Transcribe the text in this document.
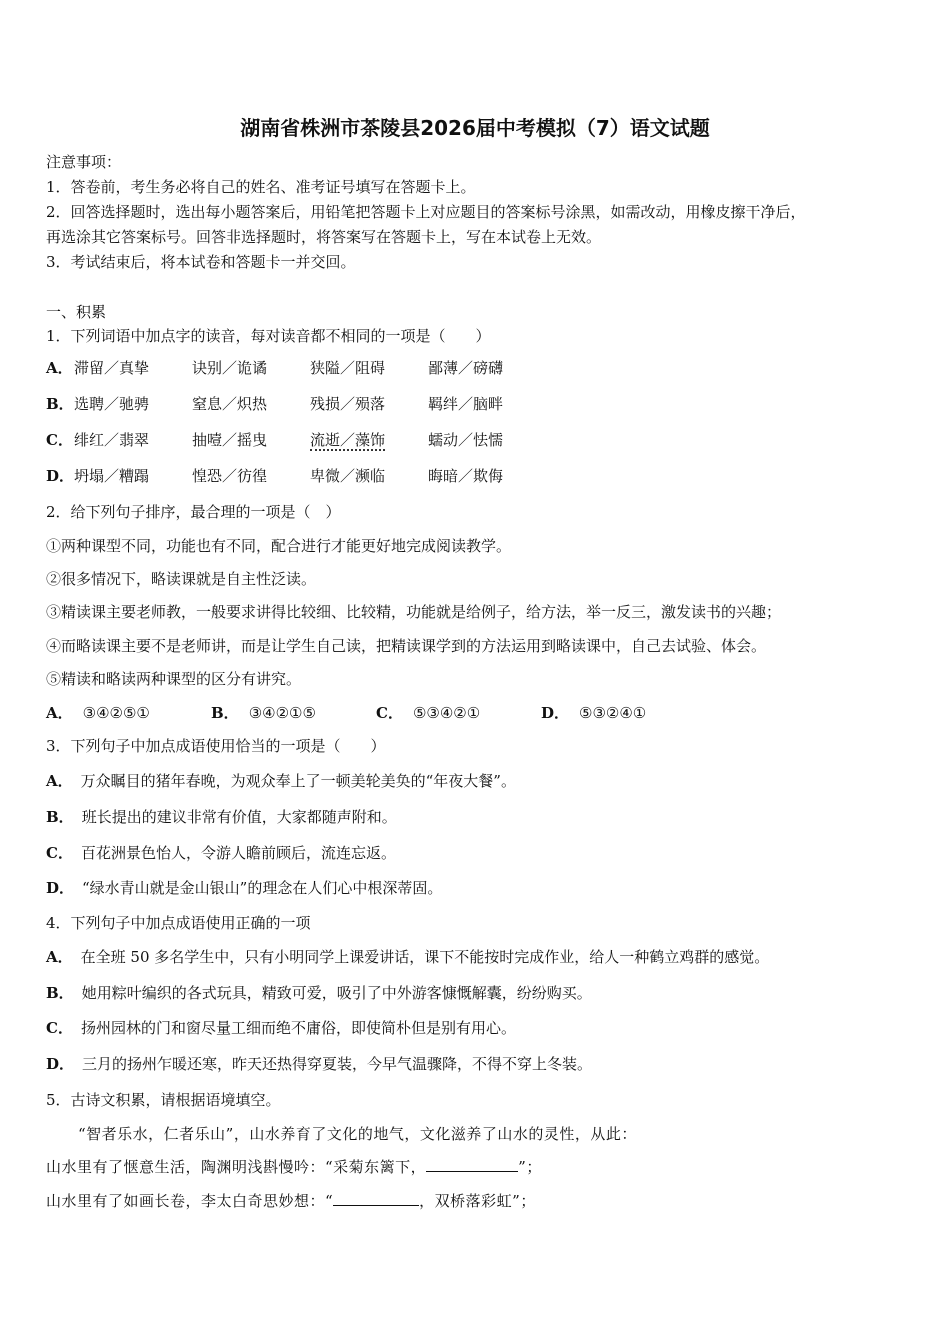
湖南省株洲市茶陵县2026届中考模拟（7）语文试题
注意事项：
1．答卷前，考生务必将自己的姓名、准考证号填写在答题卡上。
2．回答选择题时，选出每小题答案后，用铅笔把答题卡上对应题目的答案标号涂黑，如需改动，用橡皮擦干净后，
再选涂其它答案标号。回答非选择题时，将答案写在答题卡上，写在本试卷上无效。
3．考试结束后，将本试卷和答题卡一并交回。
一、积累
1．下列词语中加点字的读音，每对读音都不相同的一项是（　　）
A．滞留／真挚	诀别／诡谲	狭隘／阻碍	鄙薄／磅礴
B．选聘／驰骋	窒息／炽热	残损／殒落	羁绊／脑畔
C．绯红／翡翠	抽噎／摇曳	流逝／藻饰	蠕动／怯懦
D．坍塌／糟蹋	惶恐／彷徨	卑微／濒临	晦暗／欺侮
2．给下列句子排序，最合理的一项是（　）
①两种课型不同，功能也有不同，配合进行才能更好地完成阅读教学。
②很多情况下，略读课就是自主性泛读。
③精读课主要老师教，一般要求讲得比较细、比较精，功能就是给例子，给方法，举一反三，激发读书的兴趣；
④而略读课主要不是老师讲，而是让学生自己读，把精读课学到的方法运用到略读课中，自己去试验、体会。
⑤精读和略读两种课型的区分有讲究。
A． ③④②⑤①	B． ③④②①⑤	C． ⑤③④②①	D． ⑤③②④①
3．下列句子中加点成语使用恰当的一项是（　　）
A． 万众瞩目的猪年春晚，为观众奉上了一顿美轮美奂的“年夜大餐”。
B． 班长提出的建议非常有价值，大家都随声附和。
C． 百花洲景色怡人，令游人瞻前顾后，流连忘返。
D． “绿水青山就是金山银山”的理念在人们心中根深蒂固。
4．下列句子中加点成语使用正确的一项
A． 在全班 50 多名学生中，只有小明同学上课爱讲话，课下不能按时完成作业，给人一种鹤立鸡群的感觉。
B． 她用粽叶编织的各式玩具，精致可爱，吸引了中外游客慷慨解囊，纷纷购买。
C． 扬州园林的门和窗尽量工细而绝不庸俗，即使简朴但是别有用心。
D． 三月的扬州乍暖还寒，昨天还热得穿夏装，今早气温骤降，不得不穿上冬装。
5．古诗文积累，请根据语境填空。
“智者乐水，仁者乐山”，山水养育了文化的地气，文化滋养了山水的灵性，从此：
山水里有了惬意生活，陶渊明浅斟慢吟：“采菊东篱下，	”；
山水里有了如画长卷，李太白奇思妙想：“	，双桥落彩虹”；
